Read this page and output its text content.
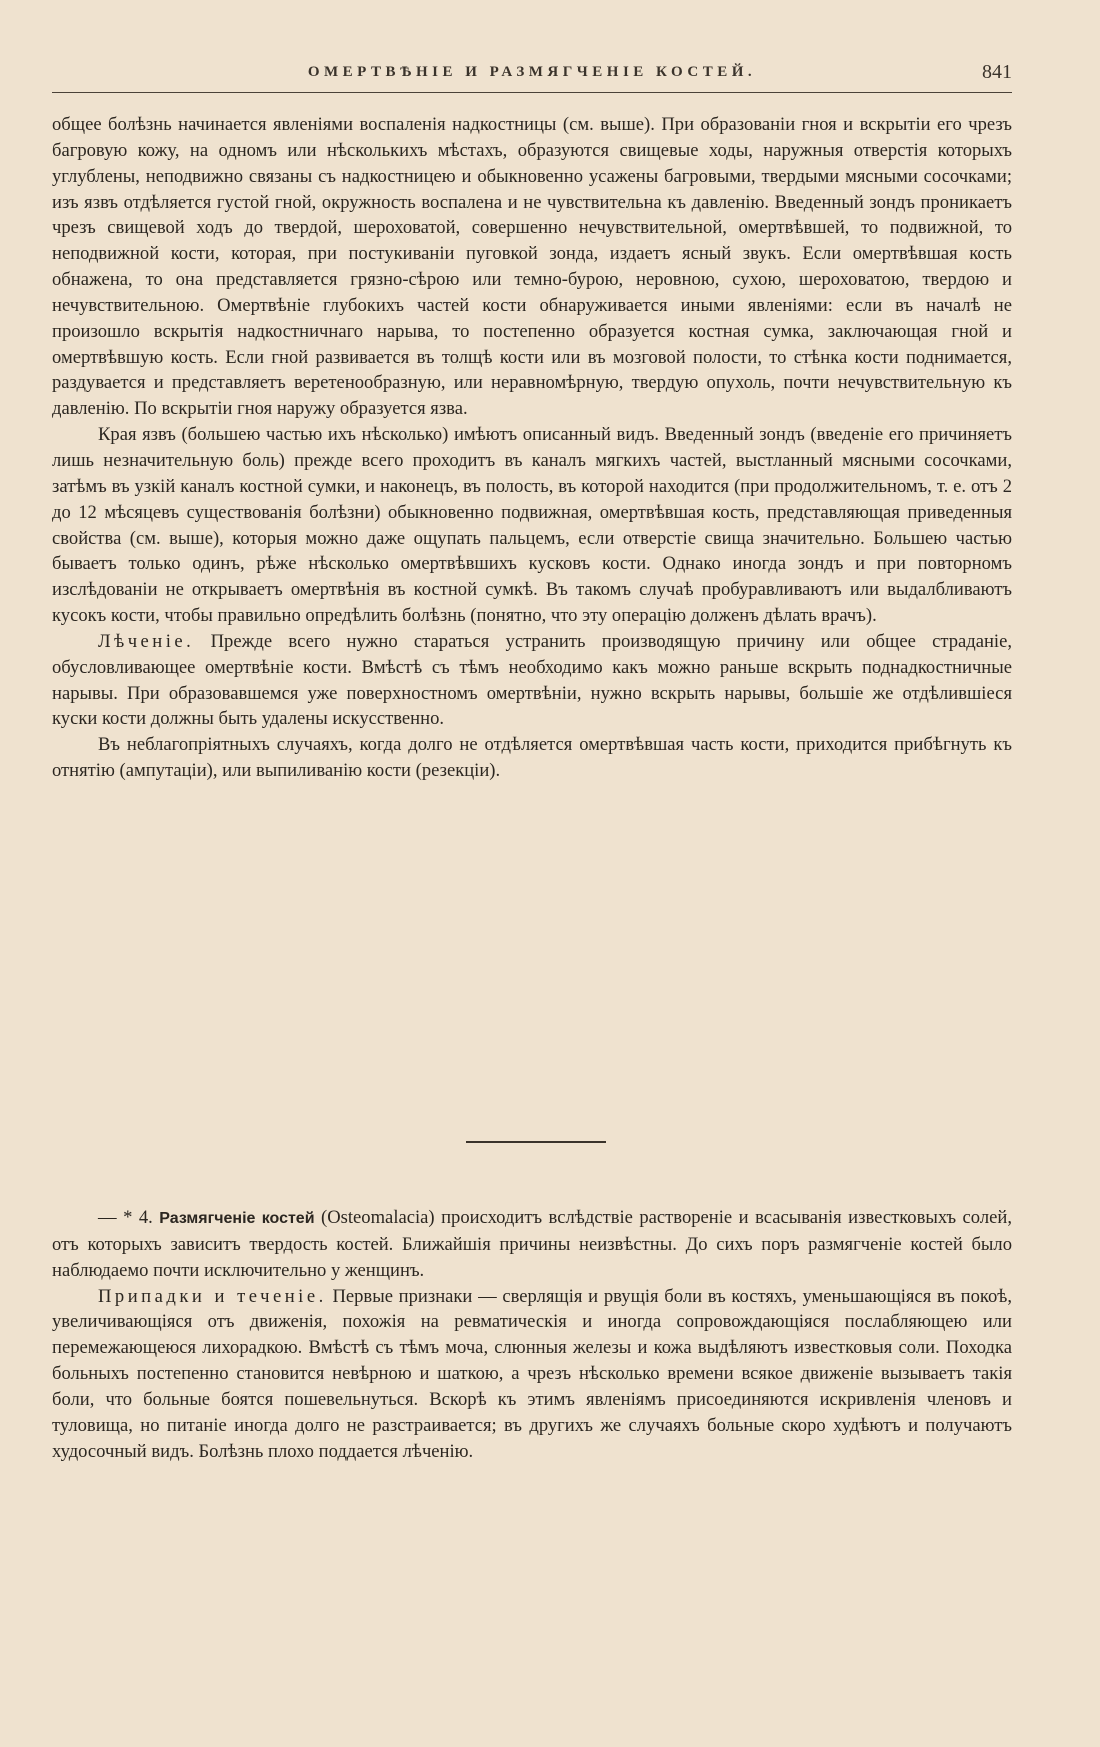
ОМЕРТВѢНІЕ И РАЗМЯГЧЕНІЕ КОСТЕЙ.	841

общее болѣзнь начинается явленіями воспаленія надкостницы (см. выше). При образованіи гноя и вскрытіи его чрезъ багровую кожу, на одномъ или нѣсколькихъ мѣстахъ, образуются свищевые ходы, наружныя отверстія которыхъ углублены, неподвижно связаны съ надкостницею и обыкновенно усажены багровыми, твердыми мясными сосочками; изъ язвъ отдѣляется густой гной, окружность воспалена и не чувствительна къ давленію. Введенный зондъ проникаетъ чрезъ свищевой ходъ до твердой, шероховатой, совершенно нечувствительной, омертвѣвшей, то подвижной, то неподвижной кости, которая, при постукиваніи пуговкой зонда, издаетъ ясный звукъ. Если омертвѣвшая кость обнажена, то она представляется грязно-сѣрою или темно-бурою, неровною, сухою, шероховатою, твердою и нечувствительною. Омертвѣніе глубокихъ частей кости обнаруживается иными явленіями: если въ началѣ не произошло вскрытія надкостничнаго нарыва, то постепенно образуется костная сумка, заключающая гной и омертвѣвшую кость. Если гной развивается въ толщѣ кости или въ мозговой полости, то стѣнка кости поднимается, раздувается и представляетъ веретенообразную, или неравномѣрную, твердую опухоль, почти нечувствительную къ давленію. По вскрытіи гноя наружу образуется язва.

Края язвъ (большею частью ихъ нѣсколько) имѣютъ описанный видъ. Введенный зондъ (введеніе его причиняетъ лишь незначительную боль) прежде всего проходитъ въ каналъ мягкихъ частей, выстланный мясными сосочками, затѣмъ въ узкій каналъ костной сумки, и наконецъ, въ полость, въ которой находится (при продолжительномъ, т. е. отъ 2 до 12 мѣсяцевъ существованія болѣзни) обыкновенно подвижная, омертвѣвшая кость, представляющая приведенныя свойства (см. выше), которыя можно даже ощупать пальцемъ, если отверстіе свища значительно. Большею частью бываетъ только одинъ, рѣже нѣсколько омертвѣвшихъ кусковъ кости. Однако иногда зондъ и при повторномъ изслѣдованіи не открываетъ омертвѣнія въ костной сумкѣ. Въ такомъ случаѣ пробуравливаютъ или выдалбливаютъ кусокъ кости, чтобы правильно опредѣлить болѣзнь (понятно, что эту операцію долженъ дѣлать врачъ).

Лѣченіе. Прежде всего нужно стараться устранить производящую причину или общее страданіе, обусловливающее омертвѣніе кости. Вмѣстѣ съ тѣмъ необходимо какъ можно раньше вскрыть поднадкостничные нарывы. При образовавшемся уже поверхностномъ омертвѣніи, нужно вскрыть нарывы, большіе же отдѣлившіеся куски кости должны быть удалены искусственно.

Въ неблагопріятныхъ случаяхъ, когда долго не отдѣляется омертвѣвшая часть кости, приходится прибѣгнуть къ отнятію (ампутаціи), или выпиливанію кости (резекціи).

— * 4. Размягченіе костей (Osteomalacia) происходитъ вслѣдствіе раствореніе и всасыванія известковыхъ солей, отъ которыхъ зависитъ твердость костей. Ближайшія причины неизвѣстны. До сихъ поръ размягченіе костей было наблюдаемо почти исключительно у женщинъ.

Припадки и теченіе. Первые признаки — сверлящія и рвущія боли въ костяхъ, уменьшающіяся въ покоѣ, увеличивающіяся отъ движенія, похожія на ревматическія и иногда сопровождающіяся послабляющею или перемежающеюся лихорадкою. Вмѣстѣ съ тѣмъ моча, слюнныя железы и кожа выдѣляютъ известковыя соли. Походка больныхъ постепенно становится невѣрною и шаткою, а чрезъ нѣсколько времени всякое движеніе вызываетъ такія боли, что больные боятся пошевельнуться. Вскорѣ къ этимъ явленіямъ присоединяются искривленія членовъ и туловища, но питаніе иногда долго не разстраивается; въ другихъ же случаяхъ больные скоро худѣютъ и получаютъ худосочный видъ. Болѣзнь плохо поддается лѣченію.
